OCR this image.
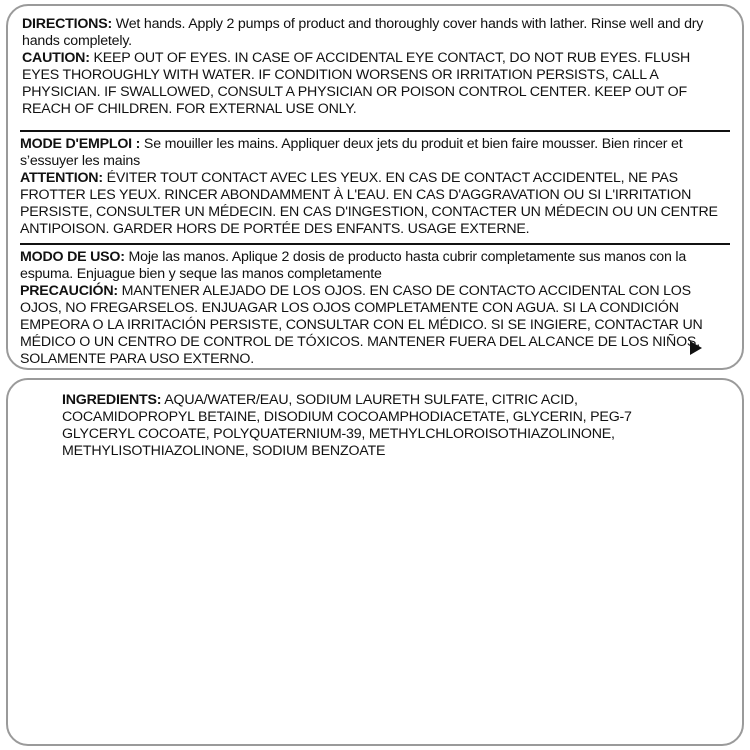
DIRECTIONS: Wet hands. Apply 2 pumps of product and thoroughly cover hands with lather. Rinse well and dry hands completely.

CAUTION: KEEP OUT OF EYES. IN CASE OF ACCIDENTAL EYE CONTACT, DO NOT RUB EYES. FLUSH EYES THOROUGHLY WITH WATER. IF CONDITION WORSENS OR IRRITATION PERSISTS, CALL A PHYSICIAN. IF SWALLOWED, CONSULT A PHYSICIAN OR POISON CONTROL CENTER. KEEP OUT OF REACH OF CHILDREN. FOR EXTERNAL USE ONLY.

MODE D'EMPLOI : Se mouiller les mains. Appliquer deux jets du produit et bien faire mousser. Bien rincer et s’essuyer les mains

ATTENTION: ÉVITER TOUT CONTACT AVEC LES YEUX. EN CAS DE CONTACT ACCIDENTEL, NE PAS FROTTER LES YEUX. RINCER ABONDAMMENT À L'EAU. EN CAS D'AGGRAVATION OU SI L'IRRITATION PERSISTE, CONSULTER UN MÉDECIN. EN CAS D'INGESTION, CONTACTER UN MÉDECIN OU UN CENTRE ANTIPOISON. GARDER HORS DE PORTÉE DES ENFANTS. USAGE EXTERNE.

MODO DE USO: Moje las manos. Aplique 2 dosis de producto hasta cubrir completamente sus manos con la espuma. Enjuague bien y seque las manos completamente

PRECAUCIÓN: MANTENER ALEJADO DE LOS OJOS. EN CASO DE CONTACTO ACCIDENTAL CON LOS OJOS, NO FREGARSELOS. ENJUAGAR LOS OJOS COMPLETAMENTE CON AGUA. SI LA CONDICIÓN EMPEORA O LA IRRITACIÓN PERSISTE, CONSULTAR CON EL MÉDICO. SI SE INGIERE, CONTACTAR UN MÉDICO O UN CENTRO DE CONTROL DE TÓXICOS. MANTENER FUERA DEL ALCANCE DE LOS NIÑOS. SOLAMENTE PARA USO EXTERNO.

INGREDIENTS: AQUA/WATER/EAU, SODIUM LAURETH SULFATE, CITRIC ACID, COCAMIDOPROPYL BETAINE, DISODIUM COCOAMPHODIACETATE, GLYCERIN, PEG-7 GLYCERYL COCOATE, POLYQUATERNIUM-39, METHYLCHLOROISOTHIAZOLINONE, METHYLISOTHIAZOLINONE, SODIUM BENZOATE
